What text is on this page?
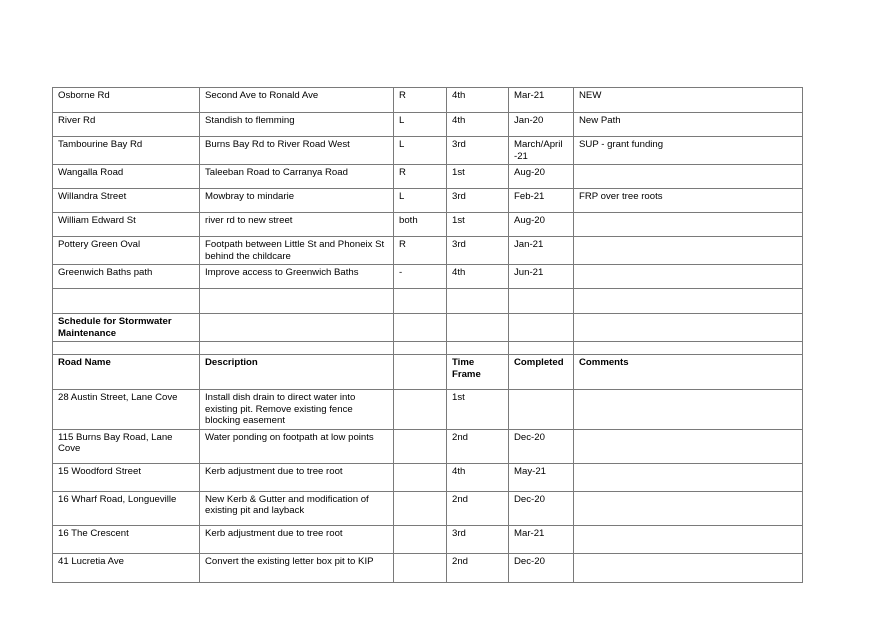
Osborne Rd	Second Ave to Ronald Ave	R	4th	Mar-21	NEW
River Rd	Standish to flemming	L	4th	Jan-20	New Path
Tambourine Bay Rd	Burns Bay Rd to River Road West	L	3rd	March/April -21	SUP - grant funding
Wangalla Road	Taleeban Road to Carranya Road	R	1st	Aug-20	
Willandra Street	Mowbray to mindarie	L	3rd	Feb-21	FRP over tree roots
William Edward St	river rd to new street	both	1st	Aug-20	
Pottery Green Oval	Footpath between Little St and Phoneix St behind the childcare	R	3rd	Jan-21	
Greenwich Baths path	Improve access to Greenwich Baths	-	4th	Jun-21	

Schedule for Stormwater Maintenance					

Road Name	Description		Time Frame	Completed	Comments
28 Austin Street, Lane Cove	Install dish drain to direct water into existing pit. Remove existing fence blocking easement		1st		
115 Burns Bay Road, Lane Cove	Water ponding on footpath at low points		2nd	Dec-20	
15 Woodford Street	Kerb adjustment due to tree root		4th	May-21	
16 Wharf Road, Longueville	New Kerb & Gutter and modification of existing pit and layback		2nd	Dec-20	
16 The Crescent	Kerb adjustment due to tree root		3rd	Mar-21	
41 Lucretia Ave	Convert the existing letter box pit to KIP		2nd	Dec-20	
